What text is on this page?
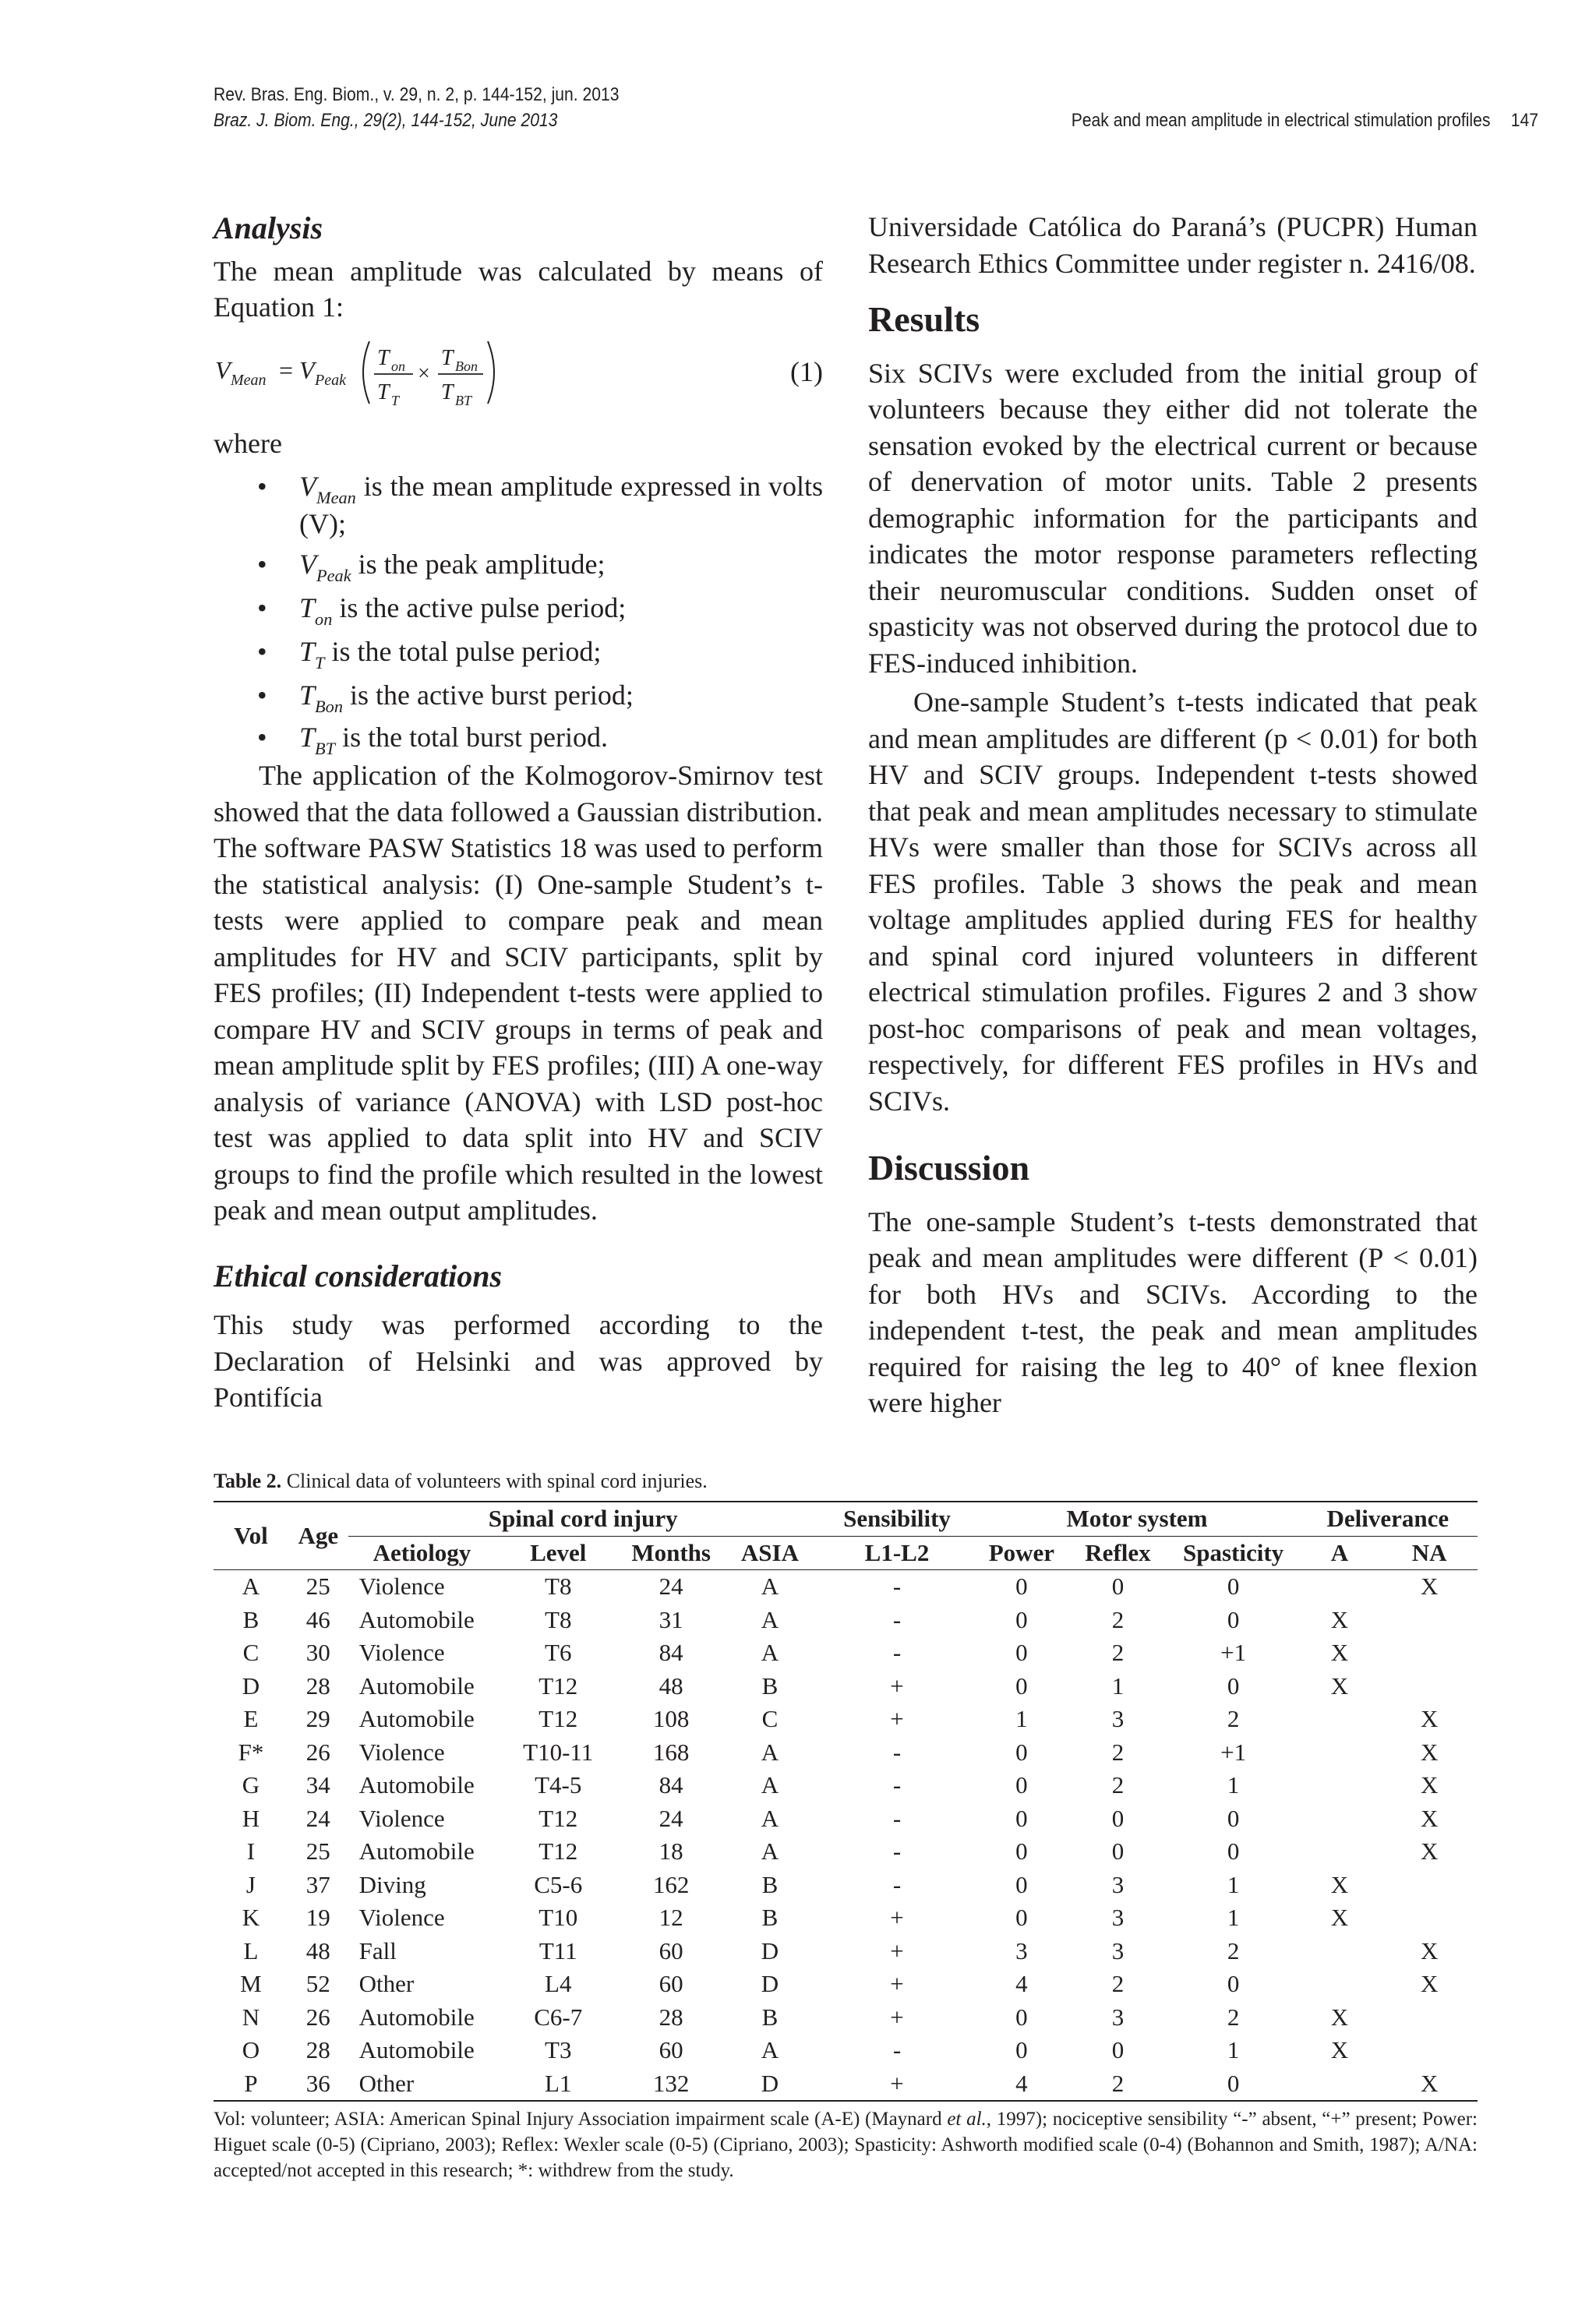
Rev. Bras. Eng. Biom., v. 29, n. 2, p. 144-152, jun. 2013
Braz. J. Biom. Eng., 29(2), 144-152, June 2013	Peak and mean amplitude in electrical stimulation profiles 147
Analysis

The mean amplitude was calculated by means of Equation 1:

V Mean = V Peak
T on
T T
×
T Bon
T BT
(1)

where

• $V_{Mean}$ is the mean amplitude expressed in volts (V);

• $V_{Peak}$ is the peak amplitude;

• $T_{on}$ is the active pulse period;

• $T_T$ is the total pulse period;

• $T_{Bon}$ is the active burst period;

• $T_{BT}$ is the total burst period.

The application of the Kolmogorov-Smirnov test showed that the data followed a Gaussian distribution. The software PASW Statistics 18 was used to perform the statistical analysis: (I) One-sample Student’s t-tests were applied to compare peak and mean amplitudes for HV and SCIV participants, split by FES profiles; (II) Independent t-tests were applied to compare HV and SCIV groups in terms of peak and mean amplitude split by FES profiles; (III) A one-way analysis of variance (ANOVA) with LSD post-hoc test was applied to data split into HV and SCIV groups to find the profile which resulted in the lowest peak and mean output amplitudes.

Ethical considerations

This study was performed according to the Declaration of Helsinki and was approved by Pontifícia

Universidade Católica do Paraná’s (PUCPR) Human Research Ethics Committee under register n. 2416/08.

Results

Six SCIVs were excluded from the initial group of volunteers because they either did not tolerate the sensation evoked by the electrical current or because of denervation of motor units. Table 2 presents demographic information for the participants and indicates the motor response parameters reflecting their neuromuscular conditions. Sudden onset of spasticity was not observed during the protocol due to FES-induced inhibition.

One-sample Student’s t-tests indicated that peak and mean amplitudes are different (p < 0.01) for both HV and SCIV groups. Independent t-tests showed that peak and mean amplitudes necessary to stimulate HVs were smaller than those for SCIVs across all FES profiles. Table 3 shows the peak and mean voltage amplitudes applied during FES for healthy and spinal cord injured volunteers in different electrical stimulation profiles. Figures 2 and 3 show post-hoc comparisons of peak and mean voltages, respectively, for different FES profiles in HVs and SCIVs.

Discussion

The one-sample Student’s t-tests demonstrated that peak and mean amplitudes were different (P < 0.01) for both HVs and SCIVs. According to the independent t-test, the peak and mean amplitudes required for raising the leg to 40° of knee flexion were higher

Table 2. Clinical data of volunteers with spinal cord injuries.

Vol	Age	Spinal cord injury				Sensibility	Motor system			Deliverance	
		Aetiology	Level	Months	ASIA	L1-L2	Power	Reflex	Spasticity	A	NA
A	25	Violence	T8	24	A	-	0	0	0		X
B	46	Automobile	T8	31	A	-	0	2	0	X	
C	30	Violence	T6	84	A	-	0	2	+1	X	
D	28	Automobile	T12	48	B	+	0	1	0	X	
E	29	Automobile	T12	108	C	+	1	3	2		X
F*	26	Violence	T10-11	168	A	-	0	2	+1		X
G	34	Automobile	T4-5	84	A	-	0	2	1		X
H	24	Violence	T12	24	A	-	0	0	0		X
I	25	Automobile	T12	18	A	-	0	0	0		X
J	37	Diving	C5-6	162	B	-	0	3	1	X	
K	19	Violence	T10	12	B	+	0	3	1	X	
L	48	Fall	T11	60	D	+	3	3	2		X
M	52	Other	L4	60	D	+	4	2	0		X
N	26	Automobile	C6-7	28	B	+	0	3	2	X	
O	28	Automobile	T3	60	A	-	0	0	1	X	
P	36	Other	L1	132	D	+	4	2	0		X
Vol: volunteer; ASIA: American Spinal Injury Association impairment scale (A-E) (Maynard et al., 1997); nociceptive sensibility “-” absent, “+” present; Power: Higuet scale (0-5) (Cipriano, 2003); Reflex: Wexler scale (0-5) (Cipriano, 2003); Spasticity: Ashworth modified scale (0-4) (Bohannon and Smith, 1987); A/NA: accepted/not accepted in this research; *: withdrew from the study.
